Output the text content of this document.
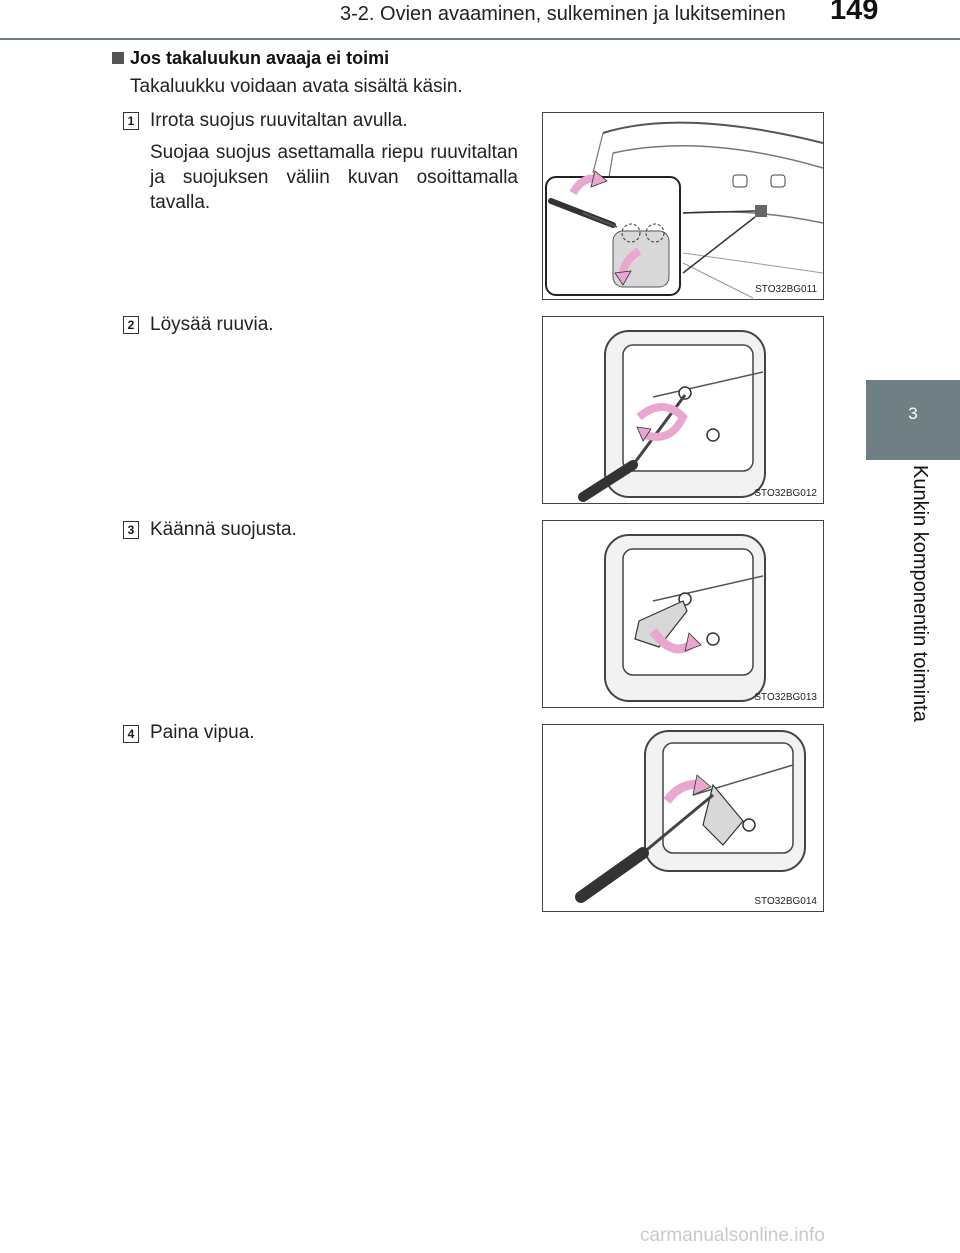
3-2. Ovien avaaminen, sulkeminen ja lukitseminen 149
3
Kunkin komponentin toiminta
Jos takaluukun avaaja ei toimi
Takaluukku voidaan avata sisältä käsin.
1 Irrota suojus ruuvitaltan avulla.
Suojaa suojus asettamalla riepu ruuvitaltan ja suojuksen väliin kuvan osoittamalla tavalla.
STO32BG011
2 Löysää ruuvia.
STO32BG012
3 Käännä suojusta.
STO32BG013
4 Paina vipua.
STO32BG014
carmanualsonline.info
